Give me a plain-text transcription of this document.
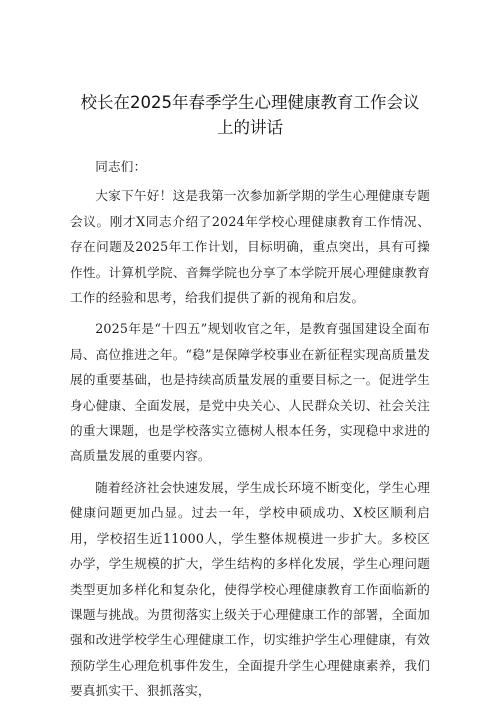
校长在2025年春季学生心理健康教育工作会议
上的讲话

同志们：

大家下午好！这是我第一次参加新学期的学生心理健康专题会议。刚才X同志介绍了2024年学校心理健康教育工作情况、存在问题及2025年工作计划，目标明确，重点突出，具有可操作性。计算机学院、音舞学院也分享了本学院开展心理健康教育工作的经验和思考，给我们提供了新的视角和启发。

2025年是“十四五”规划收官之年，是教育强国建设全面布局、高位推进之年。“稳”是保障学校事业在新征程实现高质量发展的重要基础，也是持续高质量发展的重要目标之一。促进学生身心健康、全面发展，是党中央关心、人民群众关切、社会关注的重大课题，也是学校落实立德树人根本任务，实现稳中求进的高质量发展的重要内容。

随着经济社会快速发展，学生成长环境不断变化，学生心理健康问题更加凸显。过去一年，学校申硕成功、X校区顺利启用，学校招生近11000人，学生整体规模进一步扩大。多校区办学，学生规模的扩大，学生结构的多样化发展，学生心理问题类型更加多样化和复杂化，使得学校心理健康教育工作面临新的课题与挑战。为贯彻落实上级关于心理健康工作的部署，全面加强和改进学校学生心理健康工作，切实维护学生心理健康，有效预防学生心理危机事件发生，全面提升学生心理健康素养，我们要真抓实干、狠抓落实，
